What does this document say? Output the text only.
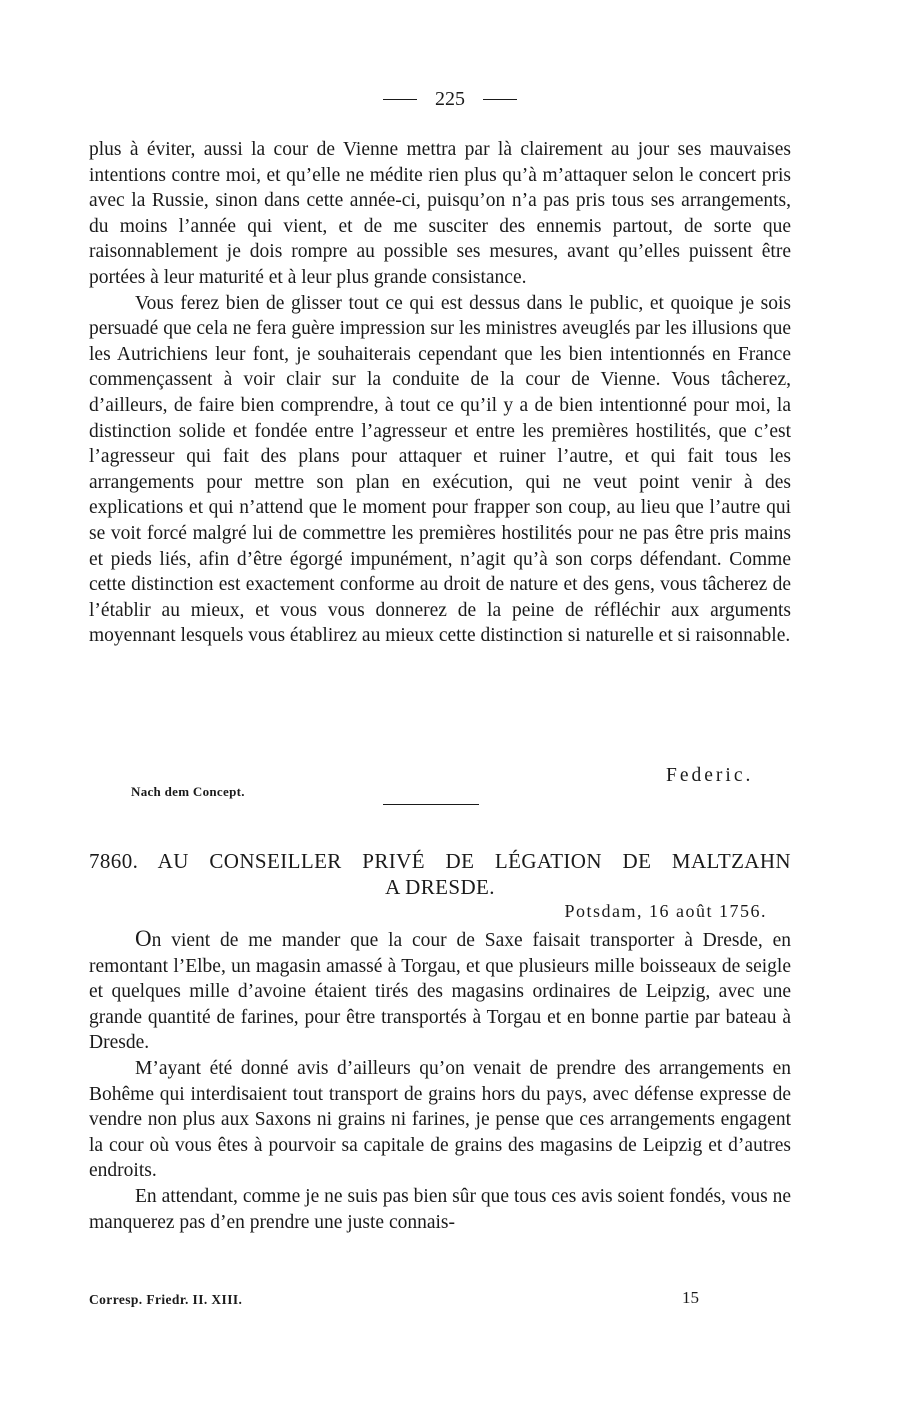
225

plus à éviter, aussi la cour de Vienne mettra par là clairement au jour ses mauvaises intentions contre moi, et qu’elle ne médite rien plus qu’à m’attaquer selon le concert pris avec la Russie, sinon dans cette année-ci, puisqu’on n’a pas pris tous ses arrangements, du moins l’année qui vient, et de me susciter des ennemis partout, de sorte que raisonnablement je dois rompre au possible ses mesures, avant qu’elles puissent être portées à leur maturité et à leur plus grande consistance.

Vous ferez bien de glisser tout ce qui est dessus dans le public, et quoique je sois persuadé que cela ne fera guère impression sur les ministres aveuglés par les illusions que les Autrichiens leur font, je souhaiterais cependant que les bien intentionnés en France commençassent à voir clair sur la conduite de la cour de Vienne. Vous tâcherez, d’ailleurs, de faire bien comprendre, à tout ce qu’il y a de bien intentionné pour moi, la distinction solide et fondée entre l’agresseur et entre les premières hostilités, que c’est l’agresseur qui fait des plans pour attaquer et ruiner l’autre, et qui fait tous les arrangements pour mettre son plan en exécution, qui ne veut point venir à des explications et qui n’attend que le moment pour frapper son coup, au lieu que l’autre qui se voit forcé malgré lui de commettre les premières hostilités pour ne pas être pris mains et pieds liés, afin d’être égorgé impunément, n’agit qu’à son corps défendant. Comme cette distinction est exactement conforme au droit de nature et des gens, vous tâcherez de l’établir au mieux, et vous vous donnerez de la peine de réfléchir aux arguments moyennant lesquels vous établirez au mieux cette distinction si naturelle et si raisonnable.

Federic.
Nach dem Concept.
7860. AU CONSEILLER PRIVÉ DE LÉGATION DE MALTZAHN
A DRESDE.
Potsdam, 16 août 1756.

On vient de me mander que la cour de Saxe faisait transporter à Dresde, en remontant l’Elbe, un magasin amassé à Torgau, et que plusieurs mille boisseaux de seigle et quelques mille d’avoine étaient tirés des magasins ordinaires de Leipzig, avec une grande quantité de farines, pour être transportés à Torgau et en bonne partie par bateau à Dresde.

M’ayant été donné avis d’ailleurs qu’on venait de prendre des arrangements en Bohême qui interdisaient tout transport de grains hors du pays, avec défense expresse de vendre non plus aux Saxons ni grains ni farines, je pense que ces arrangements engagent la cour où vous êtes à pourvoir sa capitale de grains des magasins de Leipzig et d’autres endroits.

En attendant, comme je ne suis pas bien sûr que tous ces avis soient fondés, vous ne manquerez pas d’en prendre une juste connais-

Corresp. Friedr. II. XIII.	15
